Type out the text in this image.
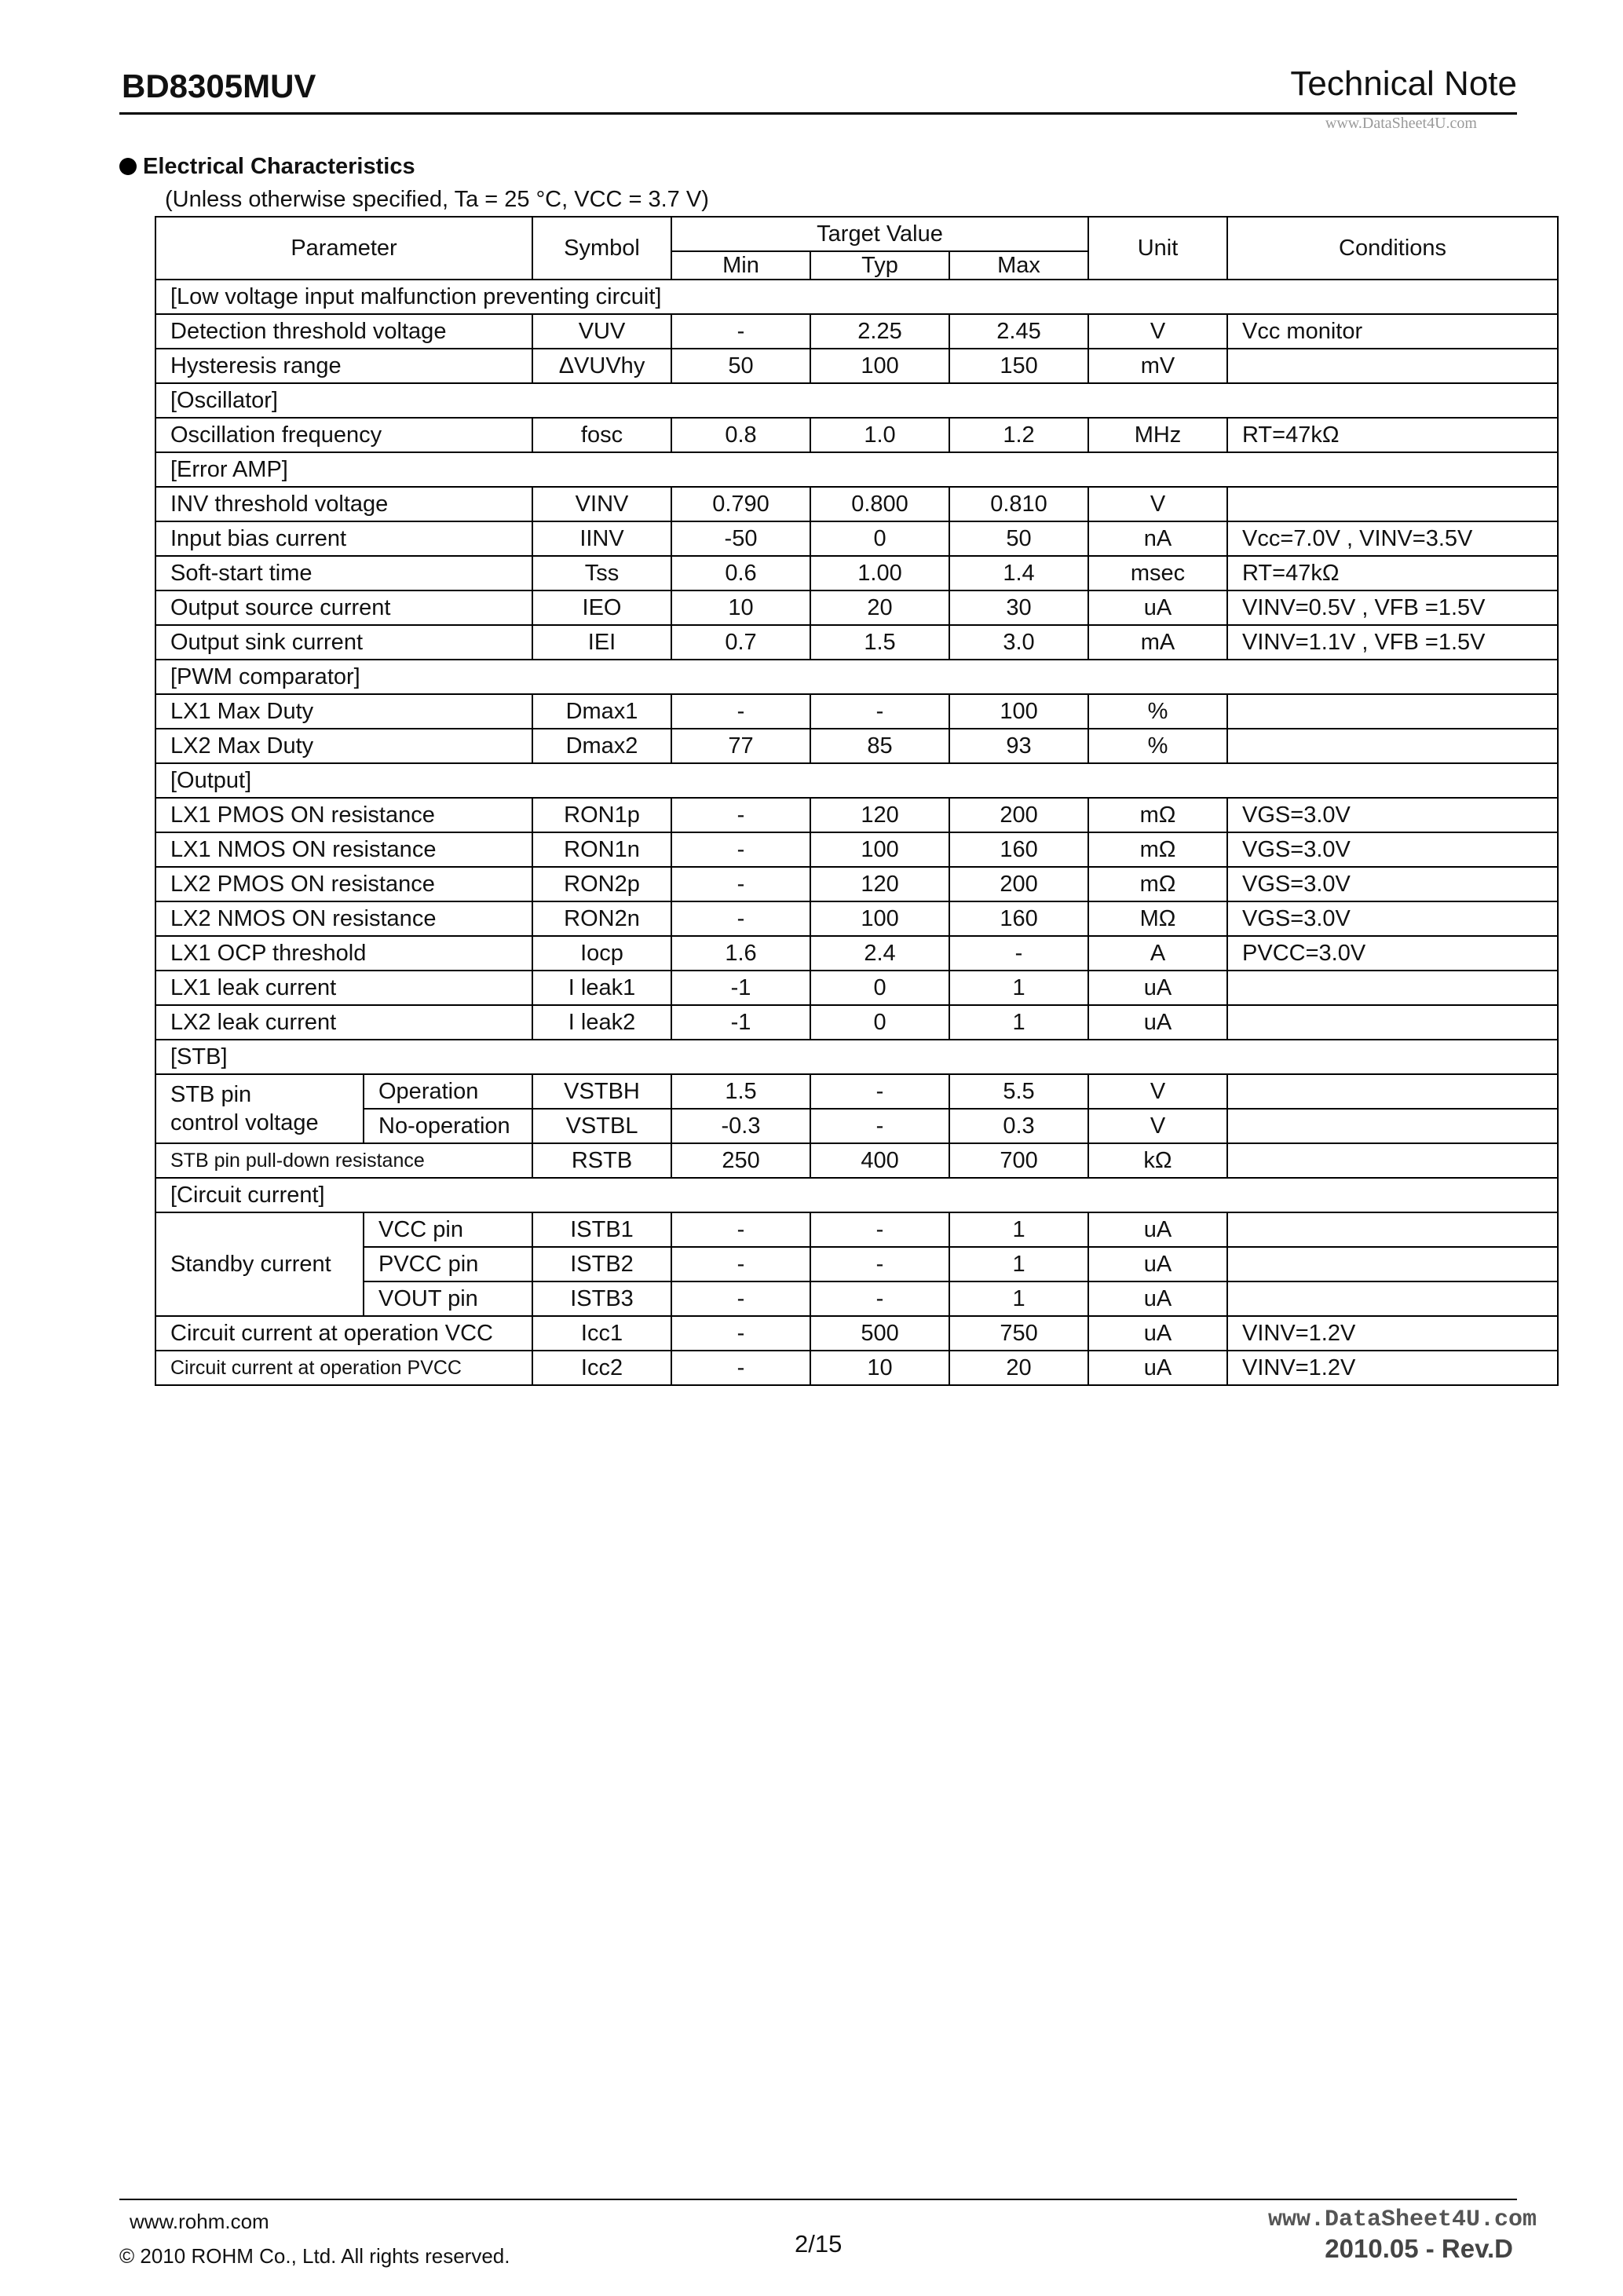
BD8305MUV	Technical Note
www.DataSheet4U.com
Electrical Characteristics
(Unless otherwise specified, Ta = 25 °C, VCC = 3.7 V)
Parameter		Symbol	Target Value			Unit	Conditions
			Min	Typ	Max		
[Low voltage input malfunction preventing circuit]							
Detection threshold voltage		VUV	-	2.25	2.45	V	Vcc monitor
Hysteresis range		ΔVUVhy	50	100	150	mV	
[Oscillator]							
Oscillation frequency		fosc	0.8	1.0	1.2	MHz	RT=47kΩ
[Error AMP]							
INV threshold voltage		VINV	0.790	0.800	0.810	V	
Input bias current		IINV	-50	0	50	nA	Vcc=7.0V , VINV=3.5V
Soft-start time		Tss	0.6	1.00	1.4	msec	RT=47kΩ
Output source current		IEO	10	20	30	uA	VINV=0.5V , VFB =1.5V
Output sink current		IEI	0.7	1.5	3.0	mA	VINV=1.1V , VFB =1.5V
[PWM comparator]							
LX1 Max Duty		Dmax1	-	-	100	%	
LX2 Max Duty		Dmax2	77	85	93	%	
[Output]							
LX1 PMOS ON resistance		RON1p	-	120	200	mΩ	VGS=3.0V
LX1 NMOS ON resistance		RON1n	-	100	160	mΩ	VGS=3.0V
LX2 PMOS ON resistance		RON2p	-	120	200	mΩ	VGS=3.0V
LX2 NMOS ON resistance		RON2n	-	100	160	MΩ	VGS=3.0V
LX1 OCP threshold		Iocp	1.6	2.4	-	A	PVCC=3.0V
LX1 leak current		I leak1	-1	0	1	uA	
LX2 leak current		I leak2	-1	0	1	uA	
[STB]							
STB pin
control voltage	Operation	VSTBH	1.5	-	5.5	V	
	No-operation	VSTBL	-0.3	-	0.3	V	
STB pin pull-down resistance		RSTB	250	400	700	kΩ	
[Circuit current]							
Standby current	VCC pin	ISTB1	-	-	1	uA	
	PVCC pin	ISTB2	-	-	1	uA	
	VOUT pin	ISTB3	-	-	1	uA	
Circuit current at operation VCC		Icc1	-	500	750	uA	VINV=1.2V
Circuit current at operation PVCC		Icc2	-	10	20	uA	VINV=1.2V
www.rohm.com
© 2010 ROHM Co., Ltd. All rights reserved.	2/15	2010.05 - Rev.D
www.DataSheet4U.com
